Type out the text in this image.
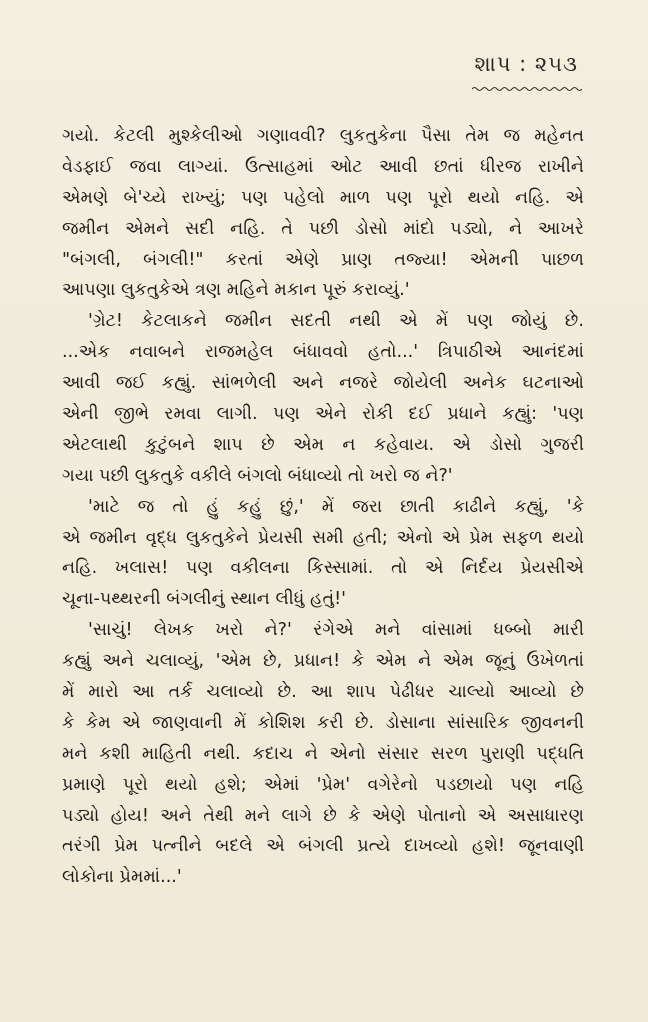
શાપ : ૨૫૩
ગયો. કેટલી મુશ્કેલીઓ ગણાવવી? લુકતુકેના પૈસા તેમ જ મહેનત
વેડફાઈ જવા લાગ્યાં. ઉત્સાહમાં ઓટ આવી છતાં ધીરજ રાખીને
એમણે બે'ચ્યે રાખ્યું; પણ પહેલો માળ પણ પૂરો થયો નહિ. એ
જમીન એમને સદી નહિ. તે પછી ડોસો માંદો પડ્યો, ને આખરે
"બંગલી, બંગલી!" કરતાં એણે પ્રાણ તજ્યા! એમની પાછળ
આપણા લુકતુકેએ ત્રણ મહિને મકાન પૂરું કરાવ્યું.'
'ગ્રેટ! કેટલાકને જમીન સદતી નથી એ મેં પણ જોયું છે.
...એક નવાબને રાજમહેલ બંધાવવો હતો...' ત્રિપાઠીએ આનંદમાં
આવી જઈ કહ્યું. સાંભળેલી અને નજરે જોયેલી અનેક ઘટનાઓ
એની જીભે રમવા લાગી. પણ એને રોકી દઈ પ્રધાને કહ્યું: 'પણ
એટલાથી કુટુંબને શાપ છે એમ ન કહેવાય. એ ડોસો ગુજરી
ગયા પછી લુકતુકે વકીલે બંગલો બંધાવ્યો તો ખરો જ ને?'
'માટે જ તો હું કહું છું,' મેં જરા છાતી કાઢીને કહ્યું, 'કે
એ જમીન વૃદ્ધ લુકતુકેને પ્રેયસી સમી હતી; એનો એ પ્રેમ સફળ થયો
નહિ. ખલાસ! પણ વકીલના કિસ્સામાં. તો એ નિર્દય પ્રેયસીએ
ચૂના-પથ્થરની બંગલીનું સ્થાન લીધું હતું!'
'સાચું! લેખક ખરો ને?' રંગેએ મને વાંસામાં ધબ્બો મારી
કહ્યું અને ચલાવ્યું, 'એમ છે, પ્રધાન! કે એમ ને એમ જૂનું ઉખેળતાં
મેં મારો આ તર્ક ચલાવ્યો છે. આ શાપ પેઢીધર ચાલ્યો આવ્યો છે
કે કેમ એ જાણવાની મેં કોશિશ કરી છે. ડોસાના સાંસારિક જીવનની
મને કશી માહિતી નથી. કદાચ ને એનો સંસાર સરળ પુરાણી પદ્ધતિ
પ્રમાણે પૂરો થયો હશે; એમાં 'પ્રેમ' વગેરેનો પડછાયો પણ નહિ
પડ્યો હોય! અને તેથી મને લાગે છે કે એણે પોતાનો એ અસાધારણ
તરંગી પ્રેમ પત્નીને બદલે એ બંગલી પ્રત્યે દાખવ્યો હશે! જૂનવાણી
લોકોના પ્રેમમાં...'
